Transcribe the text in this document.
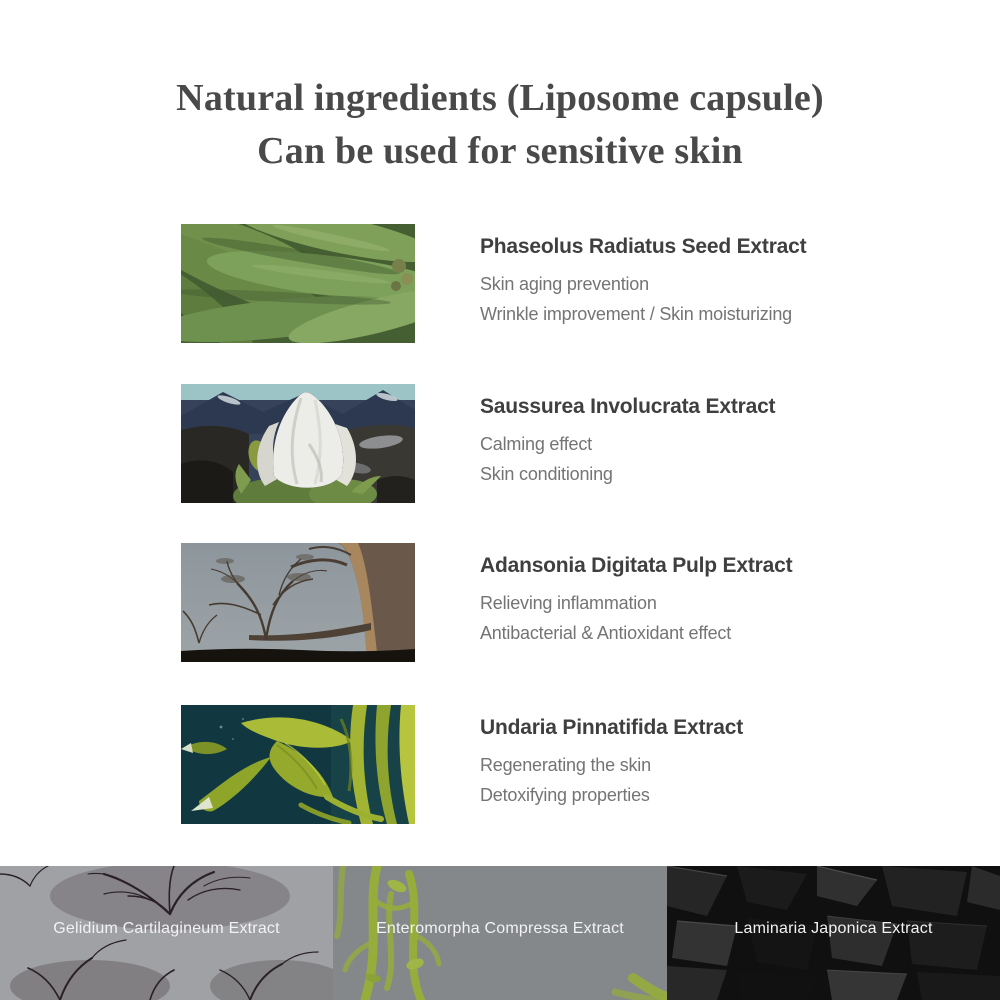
Natural ingredients (Liposome capsule)
Can be used for sensitive skin

Phaseolus Radiatus Seed Extract

Skin aging prevention

Wrinkle improvement / Skin moisturizing

Saussurea Involucrata Extract

Calming effect

Skin conditioning

Adansonia Digitata Pulp Extract

Relieving inflammation

Antibacterial & Antioxidant effect

Undaria Pinnatifida Extract

Regenerating the skin

Detoxifying properties

Gelidium Cartilagineum Extract	Enteromorpha Compressa Extract	Laminaria Japonica Extract
